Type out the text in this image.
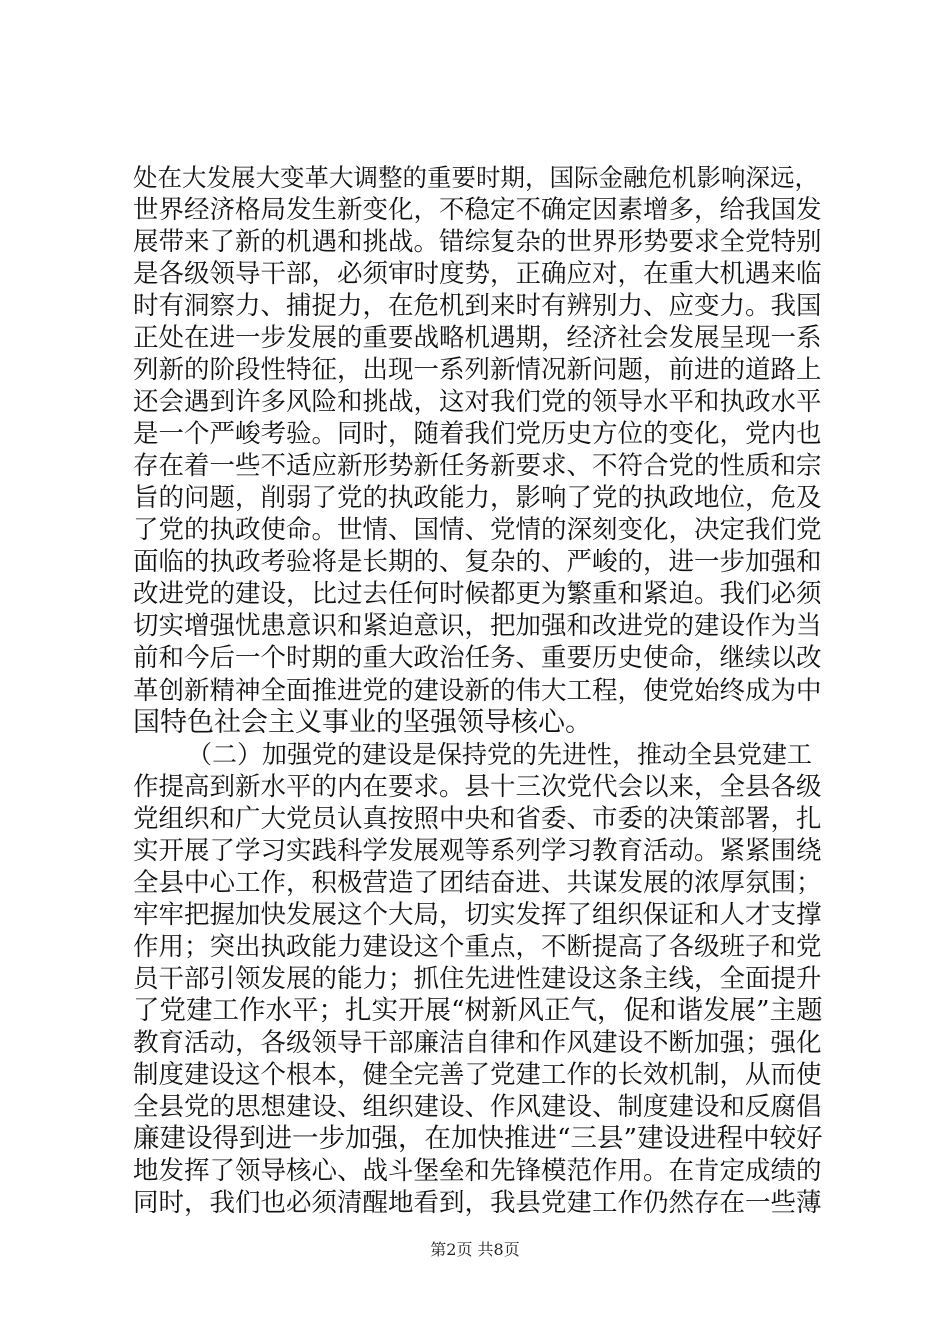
处在大发展大变革大调整的重要时期，国际金融危机影响深远，
世界经济格局发生新变化，不稳定不确定因素增多，给我国发
展带来了新的机遇和挑战。错综复杂的世界形势要求全党特别
是各级领导干部，必须审时度势，正确应对，在重大机遇来临
时有洞察力、捕捉力，在危机到来时有辨别力、应变力。我国
正处在进一步发展的重要战略机遇期，经济社会发展呈现一系
列新的阶段性特征，出现一系列新情况新问题，前进的道路上
还会遇到许多风险和挑战，这对我们党的领导水平和执政水平
是一个严峻考验。同时，随着我们党历史方位的变化，党内也
存在着一些不适应新形势新任务新要求、不符合党的性质和宗
旨的问题，削弱了党的执政能力，影响了党的执政地位，危及
了党的执政使命。世情、国情、党情的深刻变化，决定我们党
面临的执政考验将是长期的、复杂的、严峻的，进一步加强和
改进党的建设，比过去任何时候都更为繁重和紧迫。我们必须
切实增强忧患意识和紧迫意识，把加强和改进党的建设作为当
前和今后一个时期的重大政治任务、重要历史使命，继续以改
革创新精神全面推进党的建设新的伟大工程，使党始终成为中
国特色社会主义事业的坚强领导核心。
（二）加强党的建设是保持党的先进性，推动全县党建工
作提高到新水平的内在要求。县十三次党代会以来，全县各级
党组织和广大党员认真按照中央和省委、市委的决策部署，扎
实开展了学习实践科学发展观等系列学习教育活动。紧紧围绕
全县中心工作，积极营造了团结奋进、共谋发展的浓厚氛围；
牢牢把握加快发展这个大局，切实发挥了组织保证和人才支撑
作用；突出执政能力建设这个重点，不断提高了各级班子和党
员干部引领发展的能力；抓住先进性建设这条主线，全面提升
了党建工作水平；扎实开展“树新风正气，促和谐发展”主题
教育活动，各级领导干部廉洁自律和作风建设不断加强；强化
制度建设这个根本，健全完善了党建工作的长效机制，从而使
全县党的思想建设、组织建设、作风建设、制度建设和反腐倡
廉建设得到进一步加强，在加快推进“三县”建设进程中较好
地发挥了领导核心、战斗堡垒和先锋模范作用。在肯定成绩的
同时，我们也必须清醒地看到，我县党建工作仍然存在一些薄
第2页 共8页
